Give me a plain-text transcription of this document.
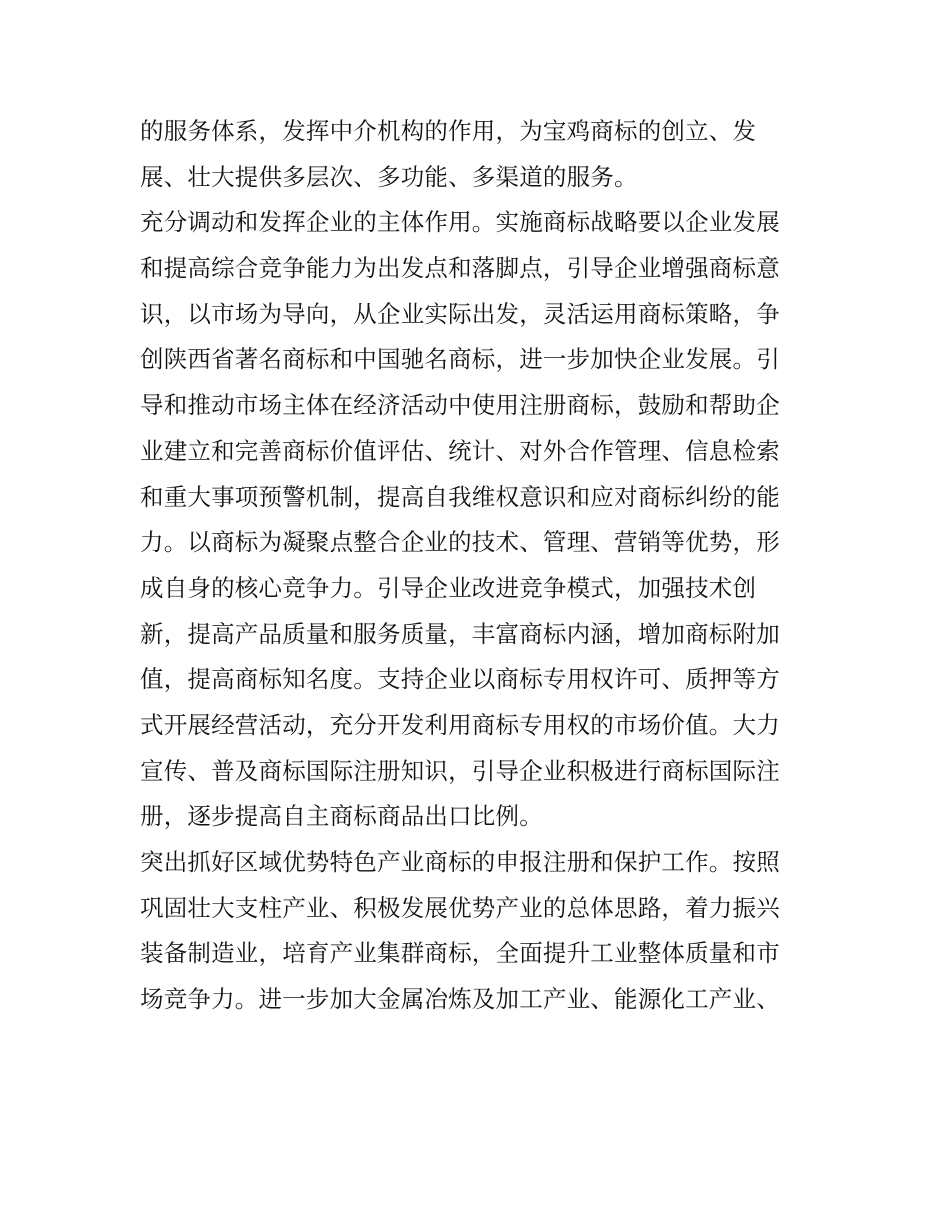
的服务体系，发挥中介机构的作用，为宝鸡商标的创立、发
展、壮大提供多层次、多功能、多渠道的服务。
充分调动和发挥企业的主体作用。实施商标战略要以企业发展
和提高综合竞争能力为出发点和落脚点，引导企业增强商标意
识，以市场为导向，从企业实际出发，灵活运用商标策略，争
创陕西省著名商标和中国驰名商标，进一步加快企业发展。引
导和推动市场主体在经济活动中使用注册商标，鼓励和帮助企
业建立和完善商标价值评估、统计、对外合作管理、信息检索
和重大事项预警机制，提高自我维权意识和应对商标纠纷的能
力。以商标为凝聚点整合企业的技术、管理、营销等优势，形
成自身的核心竞争力。引导企业改进竞争模式，加强技术创
新，提高产品质量和服务质量，丰富商标内涵，增加商标附加
值，提高商标知名度。支持企业以商标专用权许可、质押等方
式开展经营活动，充分开发利用商标专用权的市场价值。大力
宣传、普及商标国际注册知识，引导企业积极进行商标国际注
册，逐步提高自主商标商品出口比例。
突出抓好区域优势特色产业商标的申报注册和保护工作。按照
巩固壮大支柱产业、积极发展优势产业的总体思路，着力振兴
装备制造业，培育产业集群商标，全面提升工业整体质量和市
场竞争力。进一步加大金属冶炼及加工产业、能源化工产业、
